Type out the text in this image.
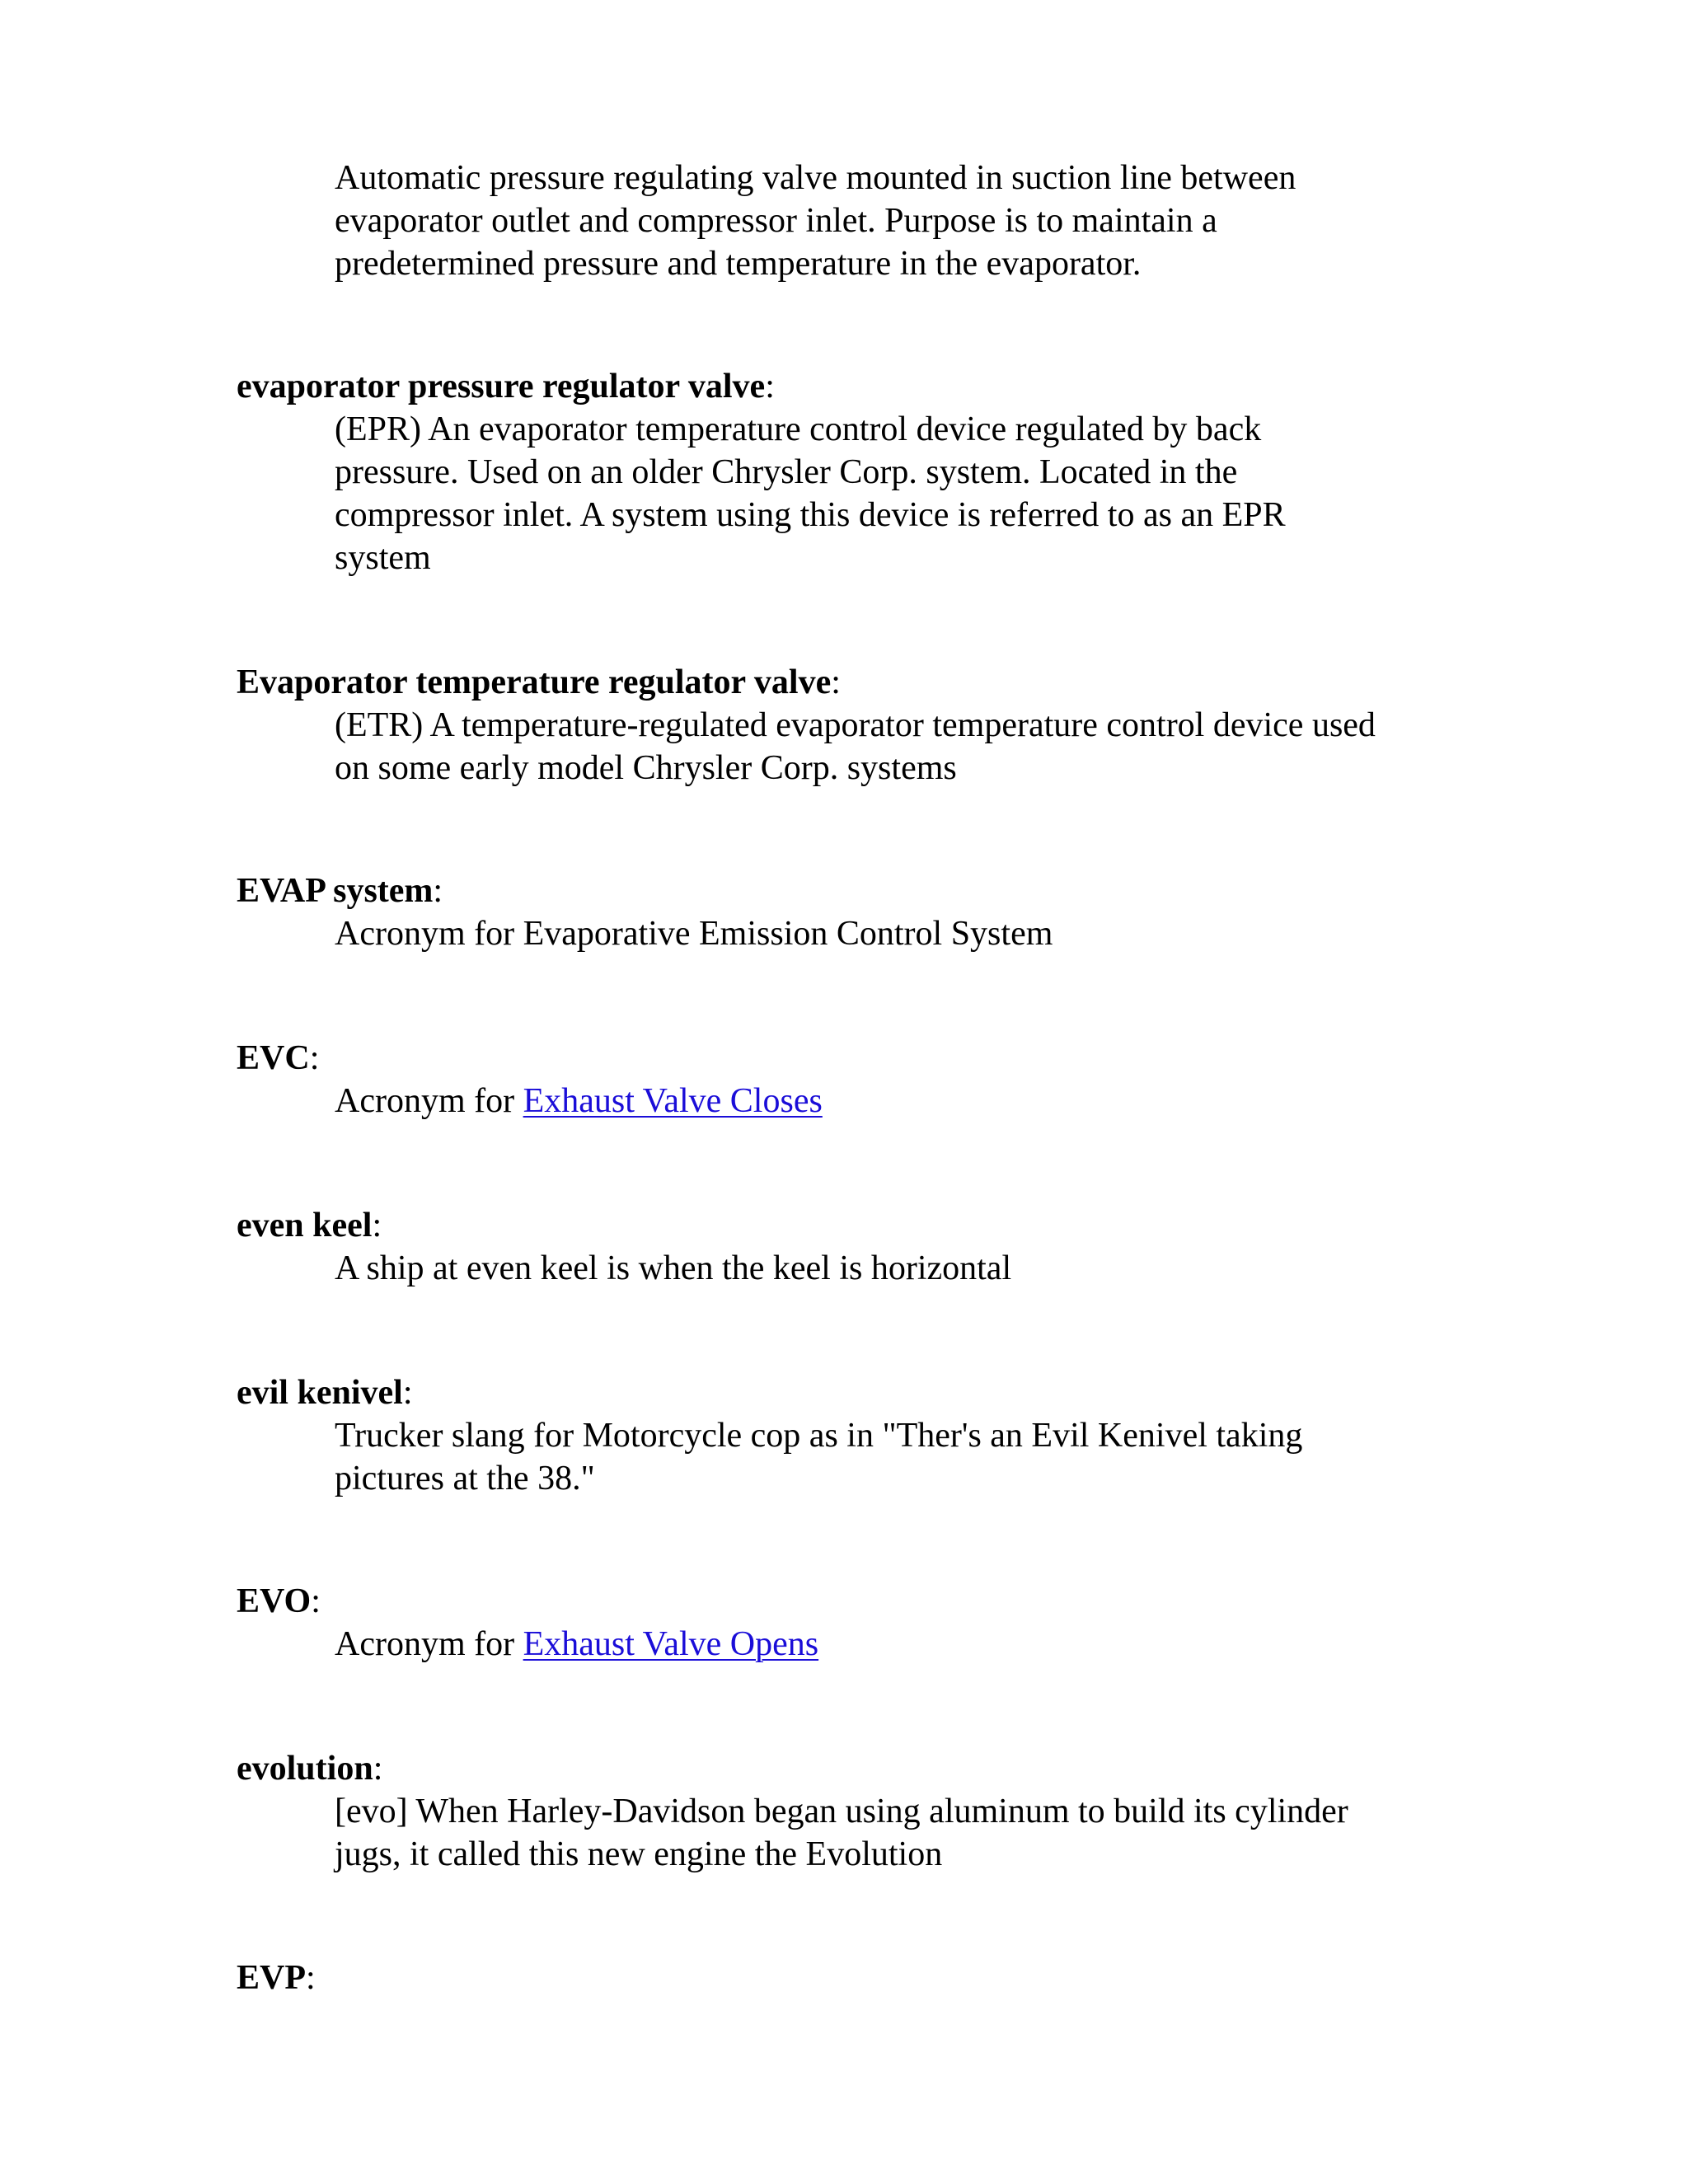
Automatic pressure regulating valve mounted in suction line between
evaporator outlet and compressor inlet. Purpose is to maintain a
predetermined pressure and temperature in the evaporator.

evaporator pressure regulator valve:

(EPR) An evaporator temperature control device regulated by back
pressure. Used on an older Chrysler Corp. system. Located in the
compressor inlet. A system using this device is referred to as an EPR
system

Evaporator temperature regulator valve:

(ETR) A temperature-regulated evaporator temperature control device used
on some early model Chrysler Corp. systems

EVAP system:

Acronym for Evaporative Emission Control System

EVC:

Acronym for Exhaust Valve Closes

even keel:

A ship at even keel is when the keel is horizontal

evil kenivel:

Trucker slang for Motorcycle cop as in "Ther's an Evil Kenivel taking
pictures at the 38."

EVO:

Acronym for Exhaust Valve Opens

evolution:

[evo] When Harley-Davidson began using aluminum to build its cylinder
jugs, it called this new engine the Evolution

EVP:
